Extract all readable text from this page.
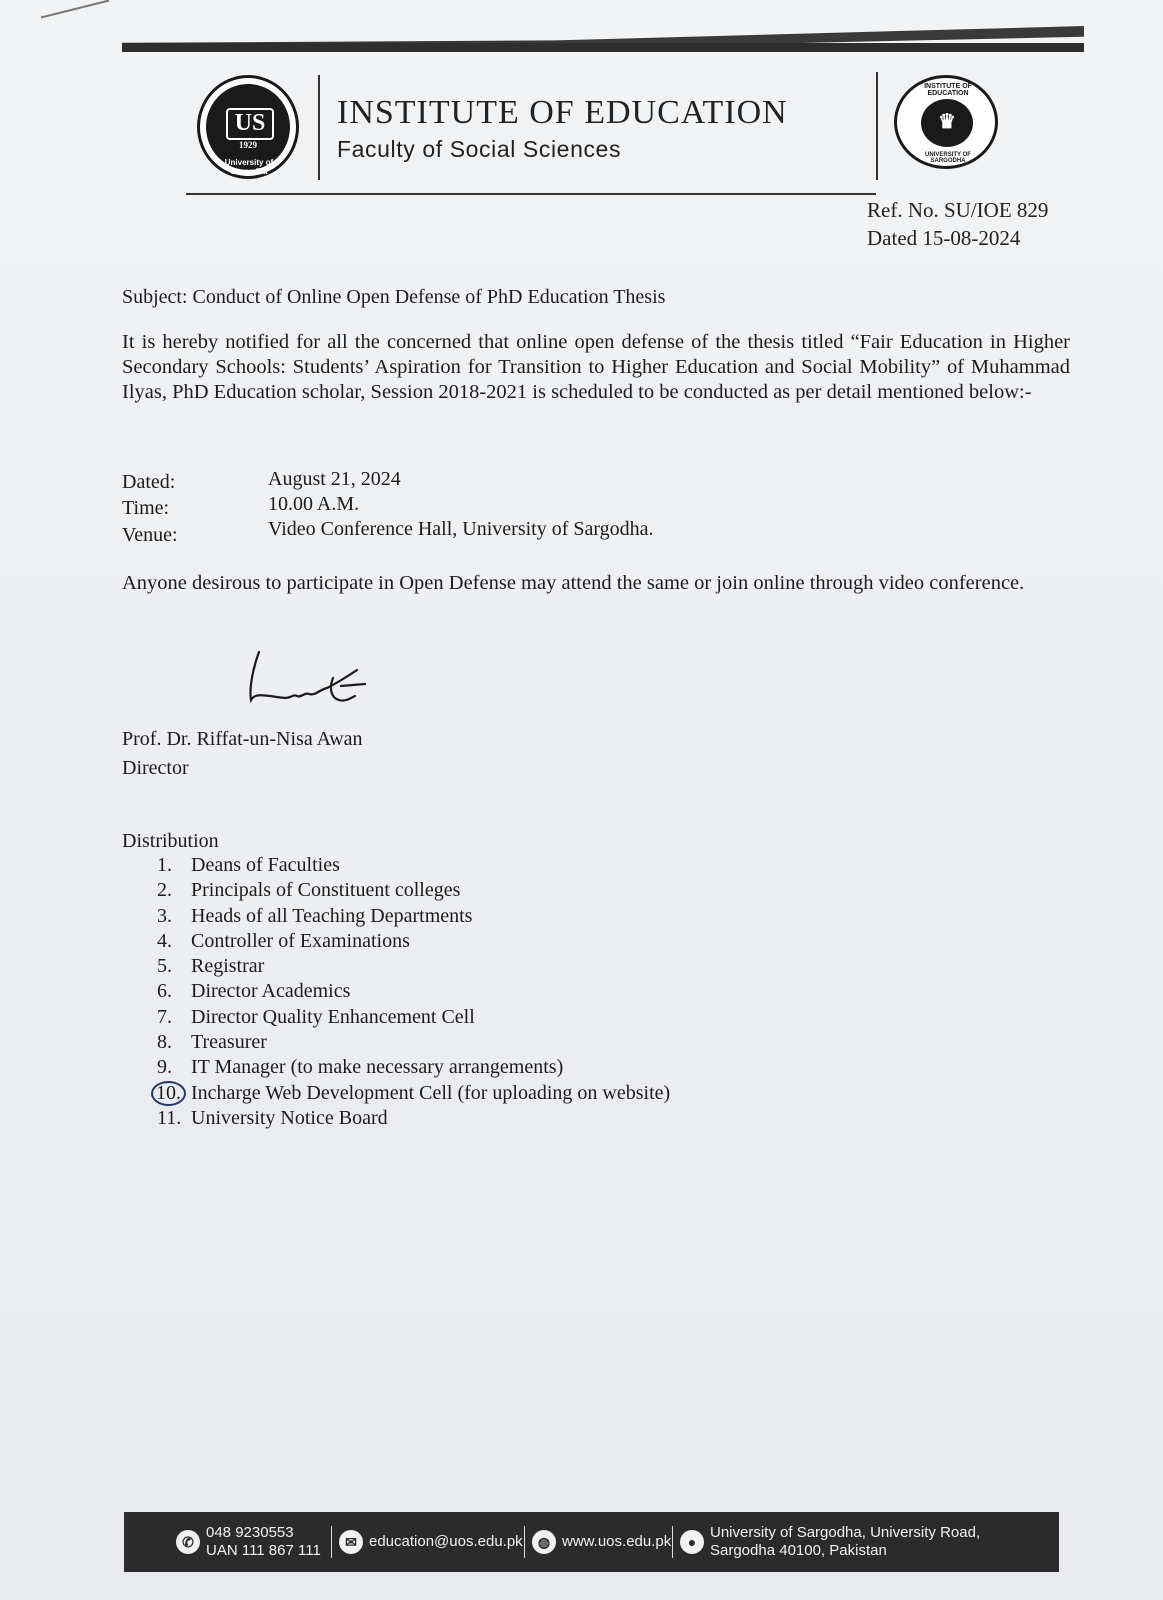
US
1929
University of Sargodha
INSTITUTE OF EDUCATION
Faculty of Social Sciences
♛
INSTITUTE OF EDUCATION
UNIVERSITY OF SARGODHA
Ref. No. SU/IOE 829
Dated 15-08-2024
Subject: Conduct of Online Open Defense of PhD Education Thesis
It is hereby notified for all the concerned that online open defense of the thesis titled “Fair Education in Higher Secondary Schools: Students’ Aspiration for Transition to Higher Education and Social Mobility” of Muhammad Ilyas, PhD Education scholar, Session 2018-2021 is scheduled to be conducted as per detail mentioned below:-
Dated:	August 21, 2024
Time:	10.00 A.M.
Venue:	Video Conference Hall, University of Sargodha.
Anyone desirous to participate in Open Defense may attend the same or join online through video conference.
Prof. Dr. Riffat-un-Nisa Awan
Director
Distribution
1. Deans of Faculties
2. Principals of Constituent colleges
3. Heads of all Teaching Departments
4. Controller of Examinations
5. Registrar
6. Director Academics
7. Director Quality Enhancement Cell
8. Treasurer
9. IT Manager (to make necessary arrangements)
10. Incharge Web Development Cell (for uploading on website)
11. University Notice Board
✆
048 9230553
UAN 111 867 111
✉ education@uos.edu.pk	◍ www.uos.edu.pk	●
University of Sargodha, University Road,
Sargodha 40100, Pakistan
